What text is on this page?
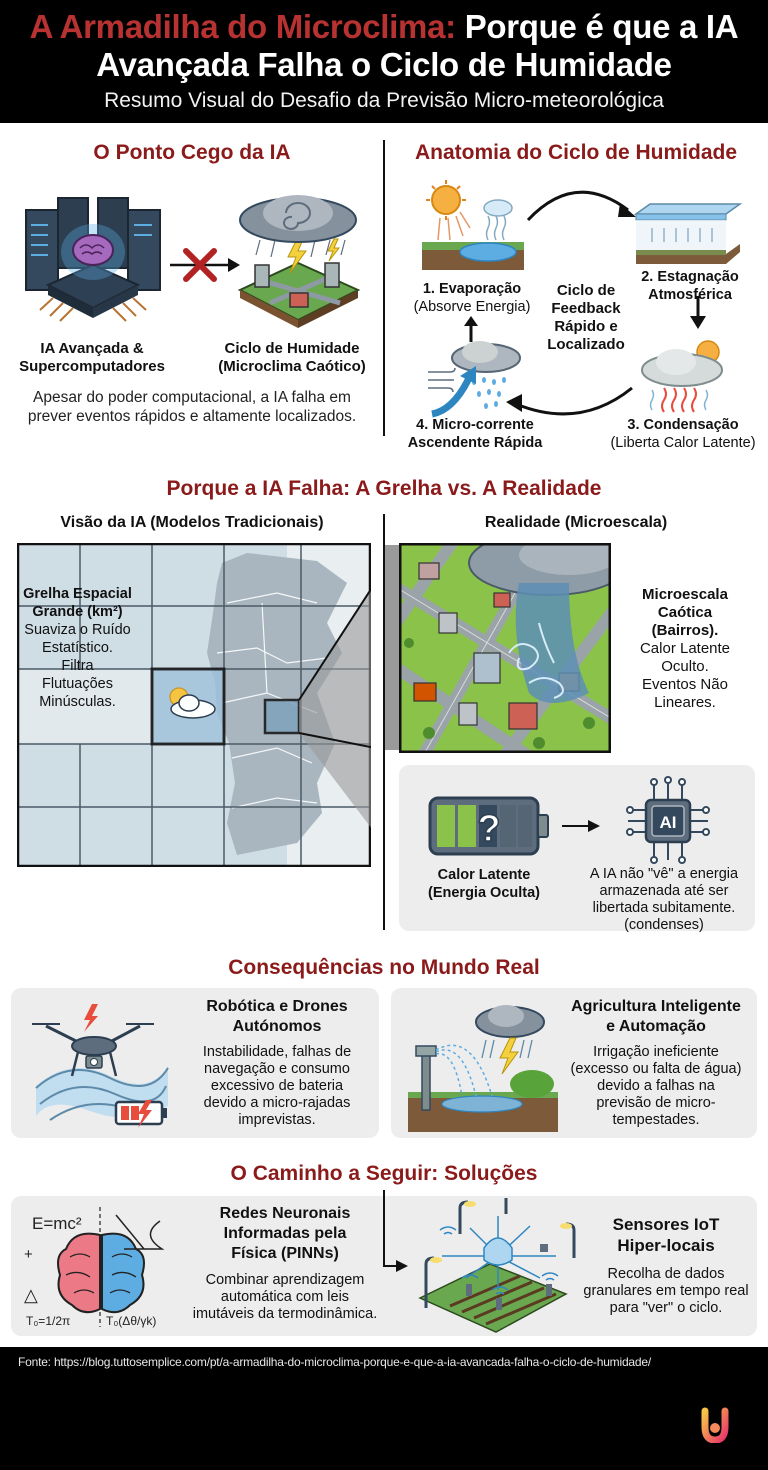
A Armadilha do Microclima: Porque é que a IA
Avançada Falha o Ciclo de Humidade
Resumo Visual do Desafio da Previsão Micro-meteorológica
O Ponto Cego da IA
IA Avançada &
Supercomputadores
Ciclo de Humidade
(Microclima Caótico)
Apesar do poder computacional, a IA falha em
prever eventos rápidos e altamente localizados.
Anatomia do Ciclo de Humidade
1. Evaporação
(Absorve Energia)
2. Estagnação
Atmosférica
3. Condensação
(Liberta Calor Latente)
4. Micro-corrente
Ascendente Rápida
Ciclo de
Feedback
Rápido e
Localizado
Porque a IA Falha: A Grelha vs. A Realidade
Visão da IA (Modelos Tradicionais)	Realidade (Microescala)
Grelha Espacial
Grande (km²)
Suaviza o Ruído
Estatístico.
Filtra
Flutuações
Minúsculas.
Microescala
Caótica
(Bairros).
Calor Latente
Oculto.
Eventos Não
Lineares.
?	AI
Calor Latente
(Energia Oculta)
A IA não "vê" a energia
armazenada até ser
libertada subitamente.
(condenses)
Consequências no Mundo Real
Robótica e Drones
Autónomos
Instabilidade, falhas de
navegação e consumo
excessivo de bateria
devido a micro-rajadas
imprevistas.
Agricultura Inteligente
e Automação
Irrigação ineficiente
(excesso ou falta de água)
devido a falhas na
previsão de micro-
tempestades.
O Caminho a Seguir: Soluções
E=mc²
+
△
T₀=1/2π	T₀(Δθ/γk)
Redes Neuronais
Informadas pela
Física (PINNs)
Combinar aprendizagem
automática com leis
imutáveis da termodinâmica.
Sensores IoT
Hiper-locais
Recolha de dados
granulares em tempo real
para "ver" o ciclo.
Fonte: https://blog.tuttosemplice.com/pt/a-armadilha-do-microclima-porque-e-que-a-ia-avancada-falha-o-ciclo-de-humidade/
